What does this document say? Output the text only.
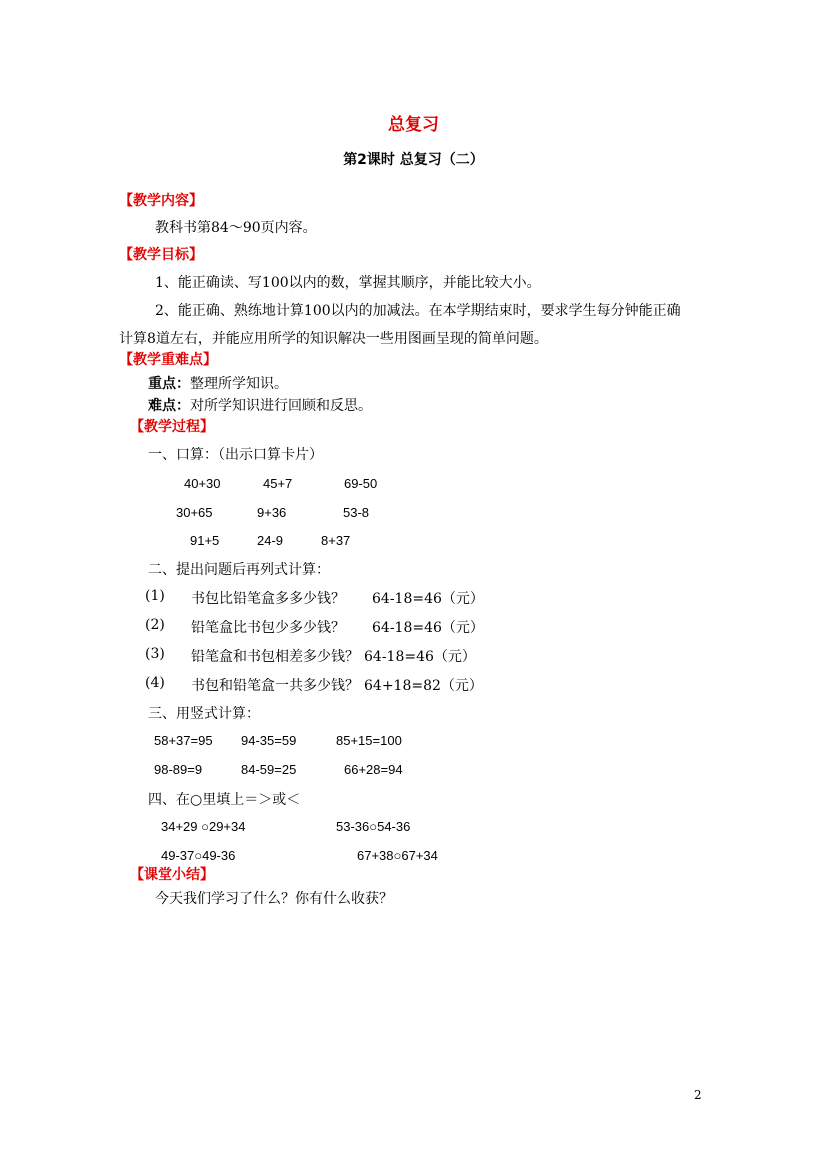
总复习
第2课时 总复习（二）
【教学内容】
教科书第84～90页内容。
【教学目标】
1、能正确读、写100以内的数，掌握其顺序，并能比较大小。
2、能正确、熟练地计算100以内的加减法。在本学期结束时，要求学生每分钟能正确
计算8道左右，并能应用所学的知识解决一些用图画呈现的简单问题。
【教学重难点】
重点：整理所学知识。
难点：对所学知识进行回顾和反思。
【教学过程】
一、口算：（出示口算卡片）
40+30	45+7	69-50
30+65	9+36	53-8
91+5	24-9	8+37
二、提出问题后再列式计算：
(1) 书包比铅笔盒多多少钱？ 64-18=46（元）
(2) 铅笔盒比书包少多少钱？ 64-18=46（元）
(3) 铅笔盒和书包相差多少钱？ 64-18=46（元）
(4) 书包和铅笔盒一共多少钱？ 64+18=82（元）
三、用竖式计算：
58+37=95 94-35=59	85+15=100
98-89=9	84-59=25	66+28=94
四、在○里填上＝＞或＜
34+29 ○29+34	53-36○54-36
49-37○49-36	67+38○67+34
【课堂小结】
今天我们学习了什么？你有什么收获？
2
